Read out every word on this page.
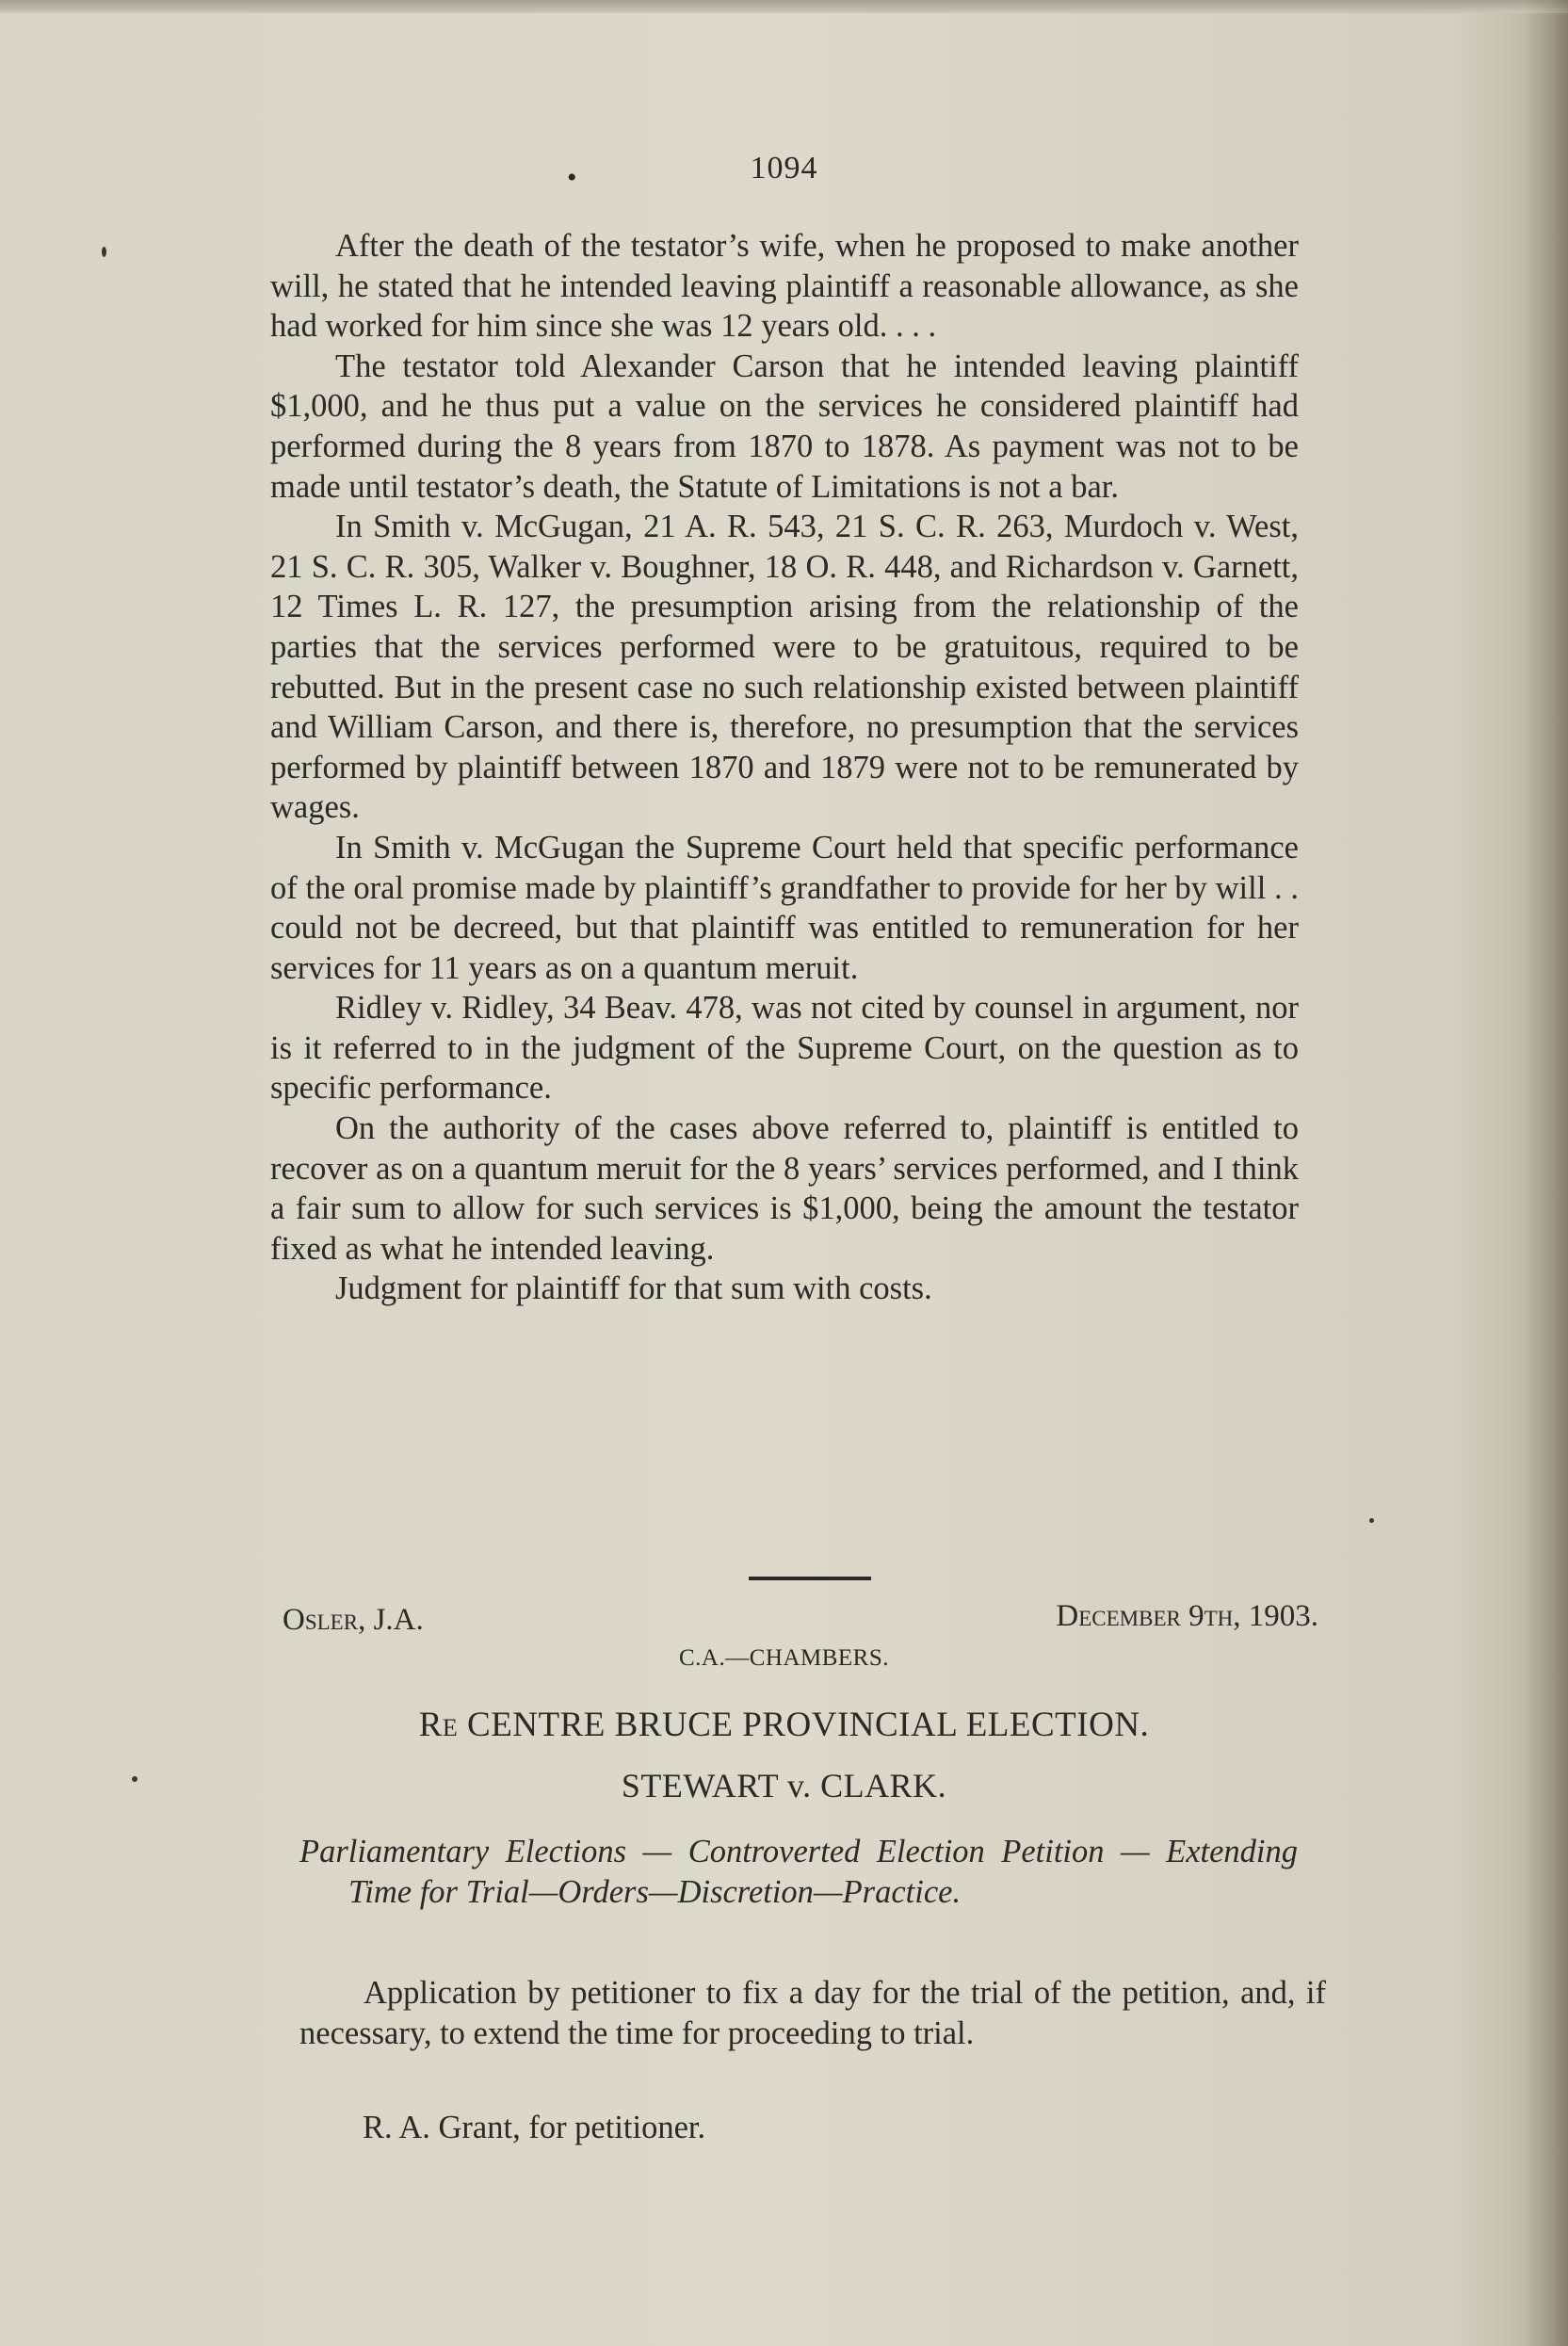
•	1094

After the death of the testator’s wife, when he proposed to make another will, he stated that he intended leaving plaintiff a reasonable allowance, as she had worked for him since she was 12 years old. . . .

The testator told Alexander Carson that he intended leaving plaintiff $1,000, and he thus put a value on the services he considered plaintiff had performed during the 8 years from 1870 to 1878. As payment was not to be made until testator’s death, the Statute of Limitations is not a bar.

In Smith v. McGugan, 21 A. R. 543, 21 S. C. R. 263, Murdoch v. West, 21 S. C. R. 305, Walker v. Boughner, 18 O. R. 448, and Richardson v. Garnett, 12 Times L. R. 127, the presumption arising from the relationship of the parties that the services performed were to be gratuitous, required to be rebutted. But in the present case no such relationship existed between plaintiff and William Carson, and there is, therefore, no presumption that the services performed by plaintiff between 1870 and 1879 were not to be remunerated by wages.

In Smith v. McGugan the Supreme Court held that specific performance of the oral promise made by plaintiff’s grandfather to provide for her by will . . could not be decreed, but that plaintiff was entitled to remuneration for her services for 11 years as on a quantum meruit.

Ridley v. Ridley, 34 Beav. 478, was not cited by counsel in argument, nor is it referred to in the judgment of the Supreme Court, on the question as to specific performance.

On the authority of the cases above referred to, plaintiff is entitled to recover as on a quantum meruit for the 8 years’ services performed, and I think a fair sum to allow for such services is $1,000, being the amount the testator fixed as what he intended leaving.

Judgment for plaintiff for that sum with costs.

Osler, J.A.	December 9th, 1903.
C.A.—CHAMBERS.
Re CENTRE BRUCE PROVINCIAL ELECTION.
STEWART v. CLARK.
Parliamentary Elections — Controverted Election Petition — Extending Time for Trial—Orders—Discretion—Practice.
Application by petitioner to fix a day for the trial of the petition, and, if necessary, to extend the time for proceeding to trial.
R. A. Grant, for petitioner.
